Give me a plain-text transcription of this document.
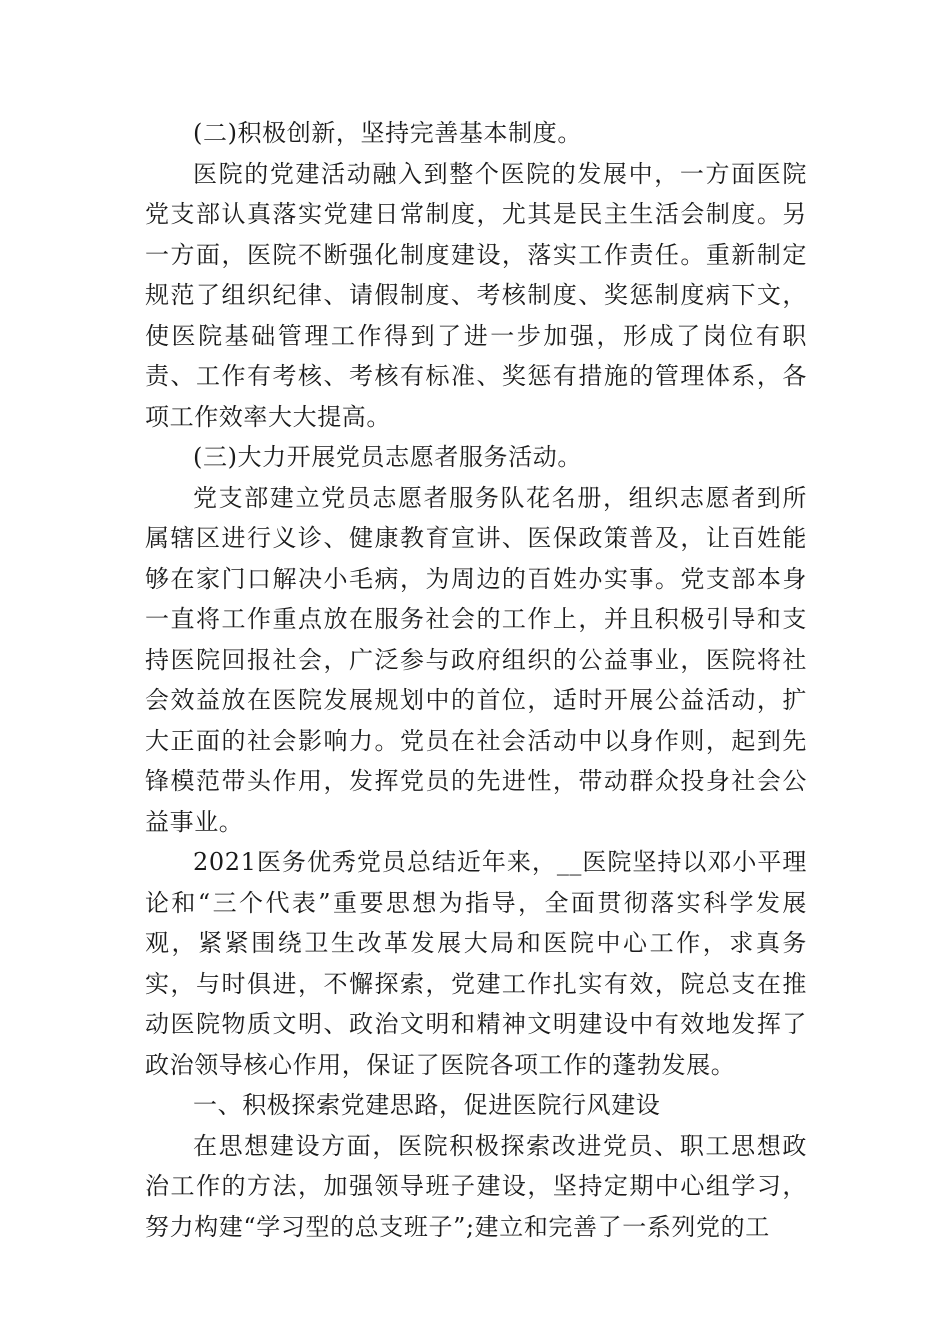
(二)积极创新，坚持完善基本制度。

医院的党建活动融入到整个医院的发展中，一方面医院党支部认真落实党建日常制度，尤其是民主生活会制度。另一方面，医院不断强化制度建设，落实工作责任。重新制定规范了组织纪律、请假制度、考核制度、奖惩制度病下文，使医院基础管理工作得到了进一步加强，形成了岗位有职责、工作有考核、考核有标准、奖惩有措施的管理体系，各项工作效率大大提高。

(三)大力开展党员志愿者服务活动。

党支部建立党员志愿者服务队花名册，组织志愿者到所属辖区进行义诊、健康教育宣讲、医保政策普及，让百姓能够在家门口解决小毛病，为周边的百姓办实事。党支部本身一直将工作重点放在服务社会的工作上，并且积极引导和支持医院回报社会，广泛参与政府组织的公益事业，医院将社会效益放在医院发展规划中的首位，适时开展公益活动，扩大正面的社会影响力。党员在社会活动中以身作则，起到先锋模范带头作用，发挥党员的先进性，带动群众投身社会公益事业。

2021医务优秀党员总结近年来，__医院坚持以邓小平理论和“三个代表”重要思想为指导，全面贯彻落实科学发展观，紧紧围绕卫生改革发展大局和医院中心工作，求真务实，与时俱进，不懈探索，党建工作扎实有效，院总支在推动医院物质文明、政治文明和精神文明建设中有效地发挥了政治领导核心作用，保证了医院各项工作的蓬勃发展。

一、积极探索党建思路，促进医院行风建设

在思想建设方面，医院积极探索改进党员、职工思想政治工作的方法，加强领导班子建设，坚持定期中心组学习，努力构建“学习型的总支班子”;建立和完善了一系列党的工
